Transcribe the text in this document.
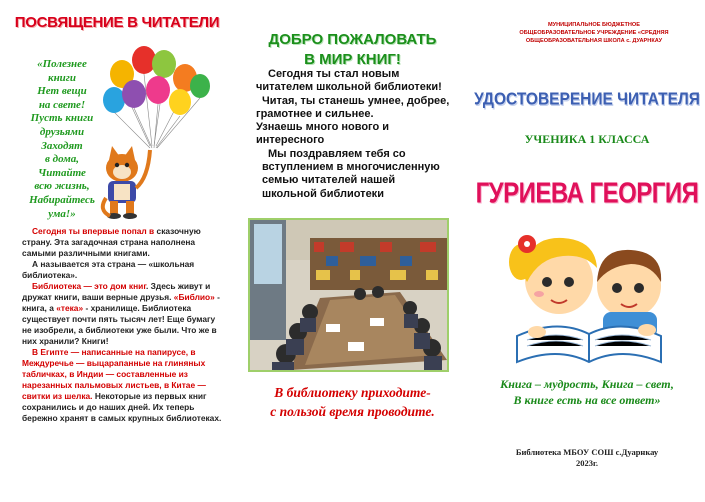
ПОСВЯЩЕНИЕ В ЧИТАТЕЛИ
«Полезнее
книги
Нет вещи
на свете!
Пусть книги
друзьями
Заходят
в дома,
Читайте
всю жизнь,
Набирайтесь
ума!»

Сегодня ты впервые попал в сказочную страну. Эта загадочная страна наполнена самыми различными книгами.

А называется эта страна — «школьная библиотека».

Библиотека — это дом книг. Здесь живут и дружат книги, ваши верные друзья. «Библио» - книга, а «тека» - хранилище. Библиотека существует почти пять тысяч лет! Еще бумагу не изобрели, а библиотеки уже были. Что же в них хранили? Книги!

В Египте — написанные на папирусе, в Междуречье — выцарапанные на глиняных табличках, в Индии — составленные из нарезанных пальмовых листьев, в Китае — свитки из шелка. Некоторые из первых книг сохранились и до наших дней. Их теперь бережно хранят в самых крупных библиотеках.

ДОБРО ПОЖАЛОВАТЬ
В МИР КНИГ!
Сегодня ты стал новым
читателем школьной библиотеки!
Читая, ты станешь умнее, добрее,
грамотнее и сильнее.
Узнаешь много нового и
интересного
Мы поздравляем тебя со
вступлением в многочисленную
семью читателей нашей
школьной библиотеки
В библиотеку приходите-
с пользой время проводите.
МУНИЦИПАЛЬНОЕ БЮДЖЕТНОЕ
ОБЩЕОБРАЗОВАТЕЛЬНОЕ УЧРЕЖДЕНИЕ «СРЕДНЯЯ
ОБЩЕОБРАЗОВАТЕЛЬНАЯ ШКОЛА с. ДУАРНКАУ
УДОСТОВЕРЕНИЕ ЧИТАТЕЛЯ
УЧЕНИКА 1 КЛАССА
ГУРИЕВА ГЕОРГИЯ
Книга – мудрость, Книга – свет,
В книге есть на все ответ»
Библиотека МБОУ СОШ с.Дуарнкау
2023г.
